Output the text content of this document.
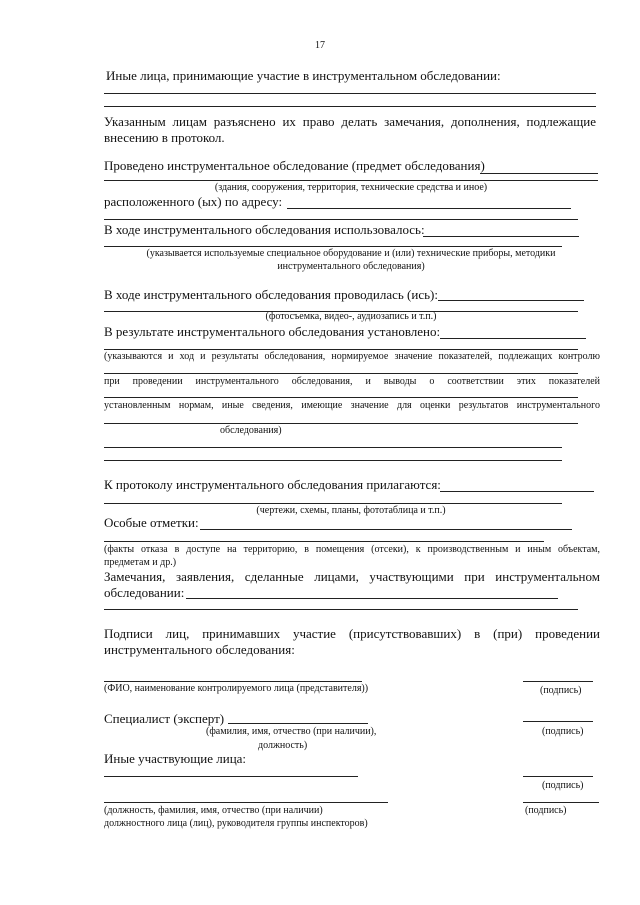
17
Иные лица, принимающие участие в инструментальном обследовании:
Указанным лицам разъяснено их право делать замечания, дополнения, подлежащие
внесению в протокол.
Проведено инструментальное обследование (предмет обследования)
(здания, сооружения, территория, технические средства и иное)
расположенного (ых) по адресу:
В ходе инструментального обследования использовалось:
(указывается используемые специальное оборудование и (или) технические приборы, методики
инструментального обследования)
В ходе инструментального обследования проводилась (ись):
(фотосъемка, видео-, аудиозапись и т.п.)
В результате инструментального обследования установлено:
(указываются и ход и результаты обследования, нормируемое значение показателей, подлежащих контролю
при проведении инструментального обследования, и выводы о соответствии этих показателей
установленным нормам, иные сведения, имеющие значение для оценки результатов инструментального
обследования)
К протоколу инструментального обследования прилагаются:
(чертежи, схемы, планы, фототаблица и т.п.)
Особые отметки:
(факты отказа в доступе на территорию, в помещения (отсеки), к производственным и иным объектам,
предметам и др.)
Замечания, заявления, сделанные лицами, участвующими при инструментальном
обследовании:
Подписи лиц, принимавших участие (присутствовавших) в (при) проведении
инструментального обследования:
(ФИО, наименование контролируемого лица (представителя))	(подпись)
Специалист (эксперт)
(фамилия, имя, отчество (при наличии),	(подпись)
должность)
Иные участвующие лица:
(подпись)
(должность, фамилия, имя, отчество (при наличии)	(подпись)
должностного лица (лиц), руководителя группы инспекторов)
